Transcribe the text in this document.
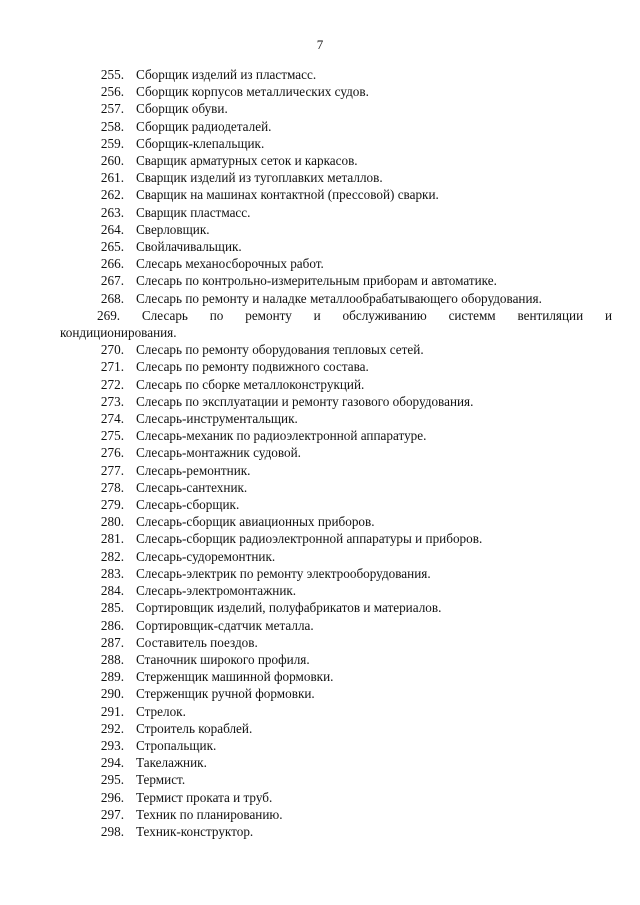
7
255. Сборщик изделий из пластмасс.
256. Сборщик корпусов металлических судов.
257. Сборщик обуви.
258. Сборщик радиодеталей.
259. Сборщик-клепальщик.
260. Сварщик арматурных сеток и каркасов.
261. Сварщик изделий из тугоплавких металлов.
262. Сварщик на машинах контактной (прессовой) сварки.
263. Сварщик пластмасс.
264. Сверловщик.
265. Свойлачивальщик.
266. Слесарь механосборочных работ.
267. Слесарь по контрольно-измерительным приборам и автоматике.
268. Слесарь по ремонту и наладке металлообрабатывающего оборудования.
269. Слесарь по ремонту и обслуживанию системм вентиляции и
кондиционирования.
270. Слесарь по ремонту оборудования тепловых сетей.
271. Слесарь по ремонту подвижного состава.
272. Слесарь по сборке металлоконструкций.
273. Слесарь по эксплуатации и ремонту газового оборудования.
274. Слесарь-инструментальщик.
275. Слесарь-механик по радиоэлектронной аппаратуре.
276. Слесарь-монтажник судовой.
277. Слесарь-ремонтник.
278. Слесарь-сантехник.
279. Слесарь-сборщик.
280. Слесарь-сборщик авиационных приборов.
281. Слесарь-сборщик радиоэлектронной аппаратуры и приборов.
282. Слесарь-судоремонтник.
283. Слесарь-электрик по ремонту электрооборудования.
284. Слесарь-электромонтажник.
285. Сортировщик изделий, полуфабрикатов и материалов.
286. Сортировщик-сдатчик металла.
287. Составитель поездов.
288. Станочник широкого профиля.
289. Стерженщик машинной формовки.
290. Стерженщик ручной формовки.
291. Стрелок.
292. Строитель кораблей.
293. Стропальщик.
294. Такелажник.
295. Термист.
296. Термист проката и труб.
297. Техник по планированию.
298. Техник-конструктор.
